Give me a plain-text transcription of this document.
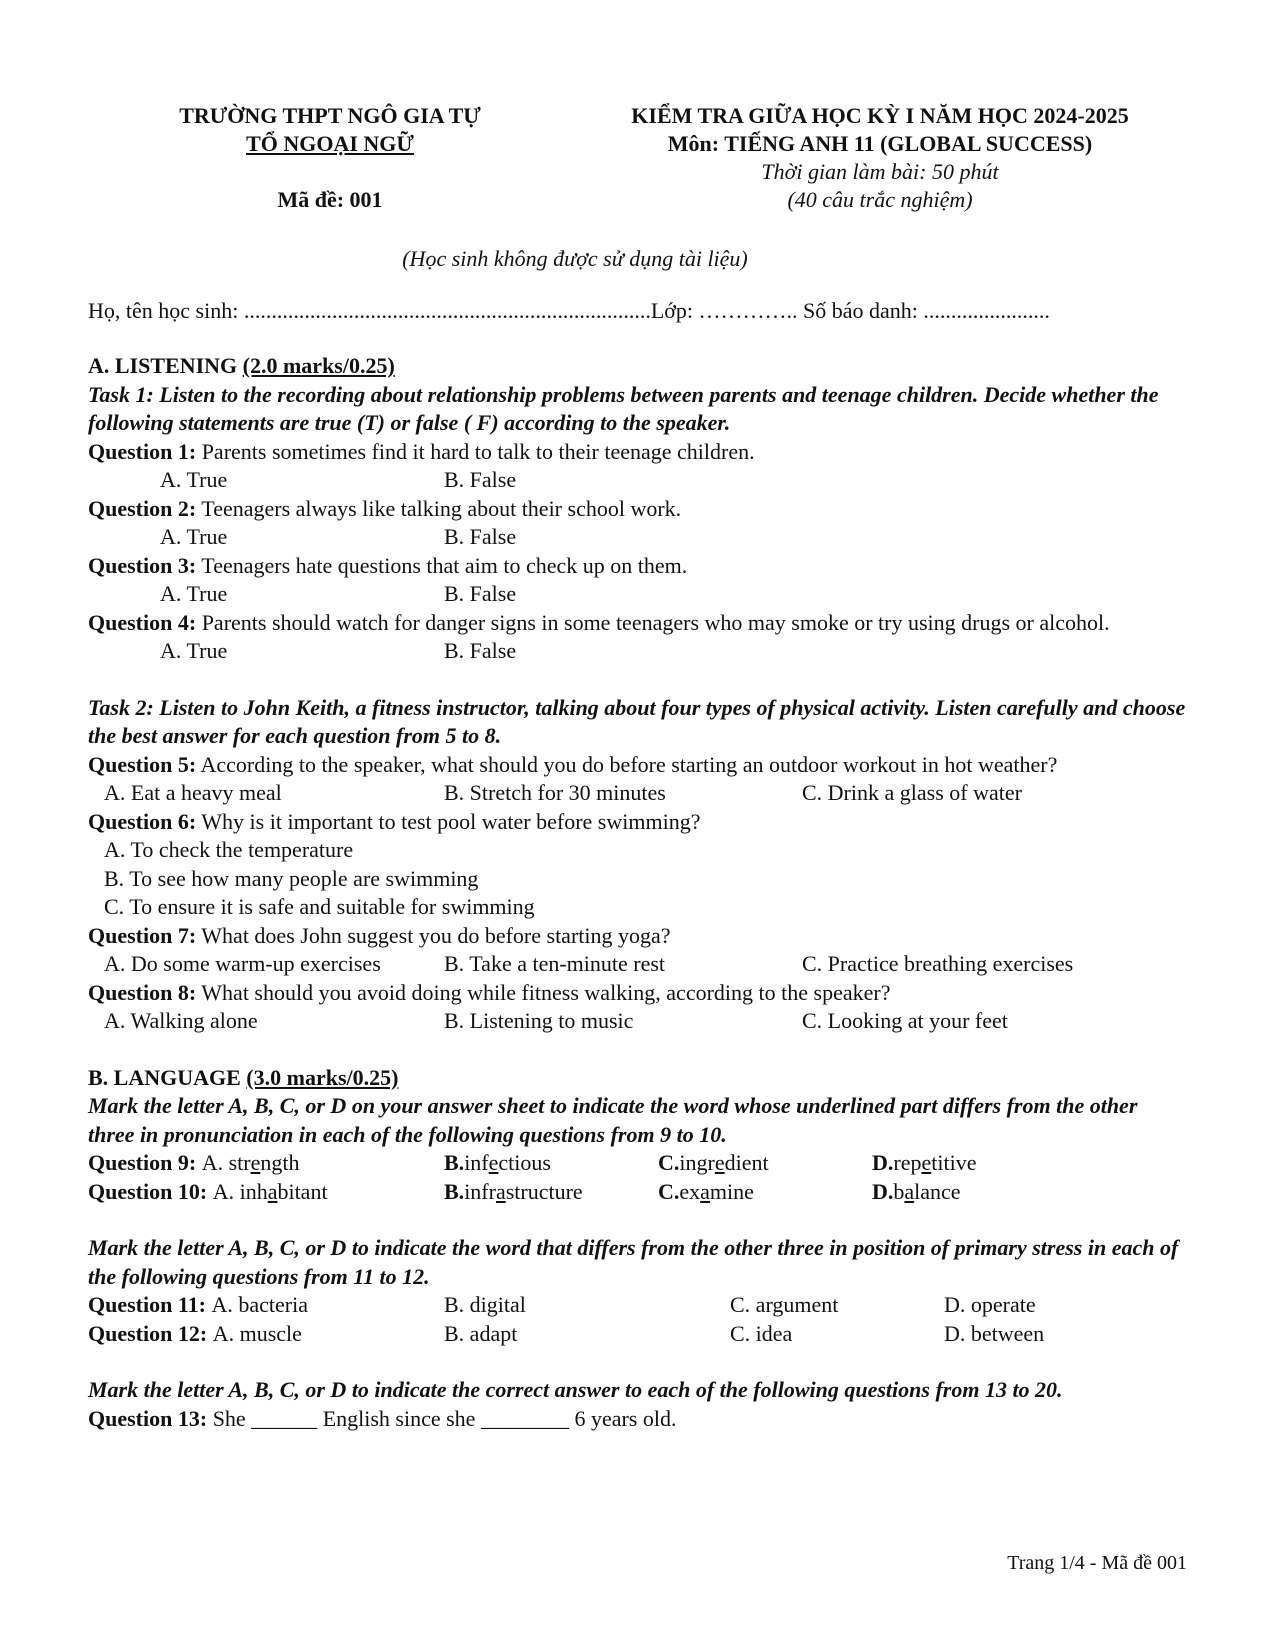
TRƯỜNG THPT NGÔ GIA TỰ
TỔ NGOẠI NGỮ
Mã đề: 001
KIỂM TRA GIỮA HỌC KỲ I NĂM HỌC 2024-2025
Môn: TIẾNG ANH 11 (GLOBAL SUCCESS)
Thời gian làm bài: 50 phút
(40 câu trắc nghiệm)
(Học sinh không được sử dụng tài liệu)
Họ, tên học sinh: ..........................................................................Lớp: ………….. Số báo danh: .......................
A. LISTENING (2.0 marks/0.25)
Task 1: Listen to the recording about relationship problems between parents and teenage children. Decide whether the following statements are true (T) or false ( F) according to the speaker.
Question 1: Parents sometimes find it hard to talk to their teenage children.
A. True	B. False
Question 2: Teenagers always like talking about their school work.
A. True	B. False
Question 3: Teenagers hate questions that aim to check up on them.
A. True	B. False
Question 4: Parents should watch for danger signs in some teenagers who may smoke or try using drugs or alcohol.
A. True	B. False
Task 2: Listen to John Keith, a fitness instructor, talking about four types of physical activity. Listen carefully and choose the best answer for each question from 5 to 8.
Question 5: According to the speaker, what should you do before starting an outdoor workout in hot weather?
A. Eat a heavy meal	B. Stretch for 30 minutes	C. Drink a glass of water
Question 6: Why is it important to test pool water before swimming?
A. To check the temperature
B. To see how many people are swimming
C. To ensure it is safe and suitable for swimming
Question 7: What does John suggest you do before starting yoga?
A. Do some warm-up exercises	B. Take a ten-minute rest	C. Practice breathing exercises
Question 8: What should you avoid doing while fitness walking, according to the speaker?
A. Walking alone	B. Listening to music	C. Looking at your feet
B. LANGUAGE (3.0 marks/0.25)
Mark the letter A, B, C, or D on your answer sheet to indicate the word whose underlined part differs from the other three in pronunciation in each of the following questions from 9 to 10.
Question 9: A. strength	B.infectious	C.ingredient	D.repetitive
Question 10: A. inhabitant	B.infrastructure	C.examine	D.balance
Mark the letter A, B, C, or D to indicate the word that differs from the other three in position of primary stress in each of the following questions from 11 to 12.
Question 11: A. bacteria	B. digital	C. argument	D. operate
Question 12: A. muscle	B. adapt	C. idea	D. between
Mark the letter A, B, C, or D to indicate the correct answer to each of the following questions from 13 to 20.
Question 13: She ______ English since she ________ 6 years old.
Trang 1/4 - Mã đề 001
